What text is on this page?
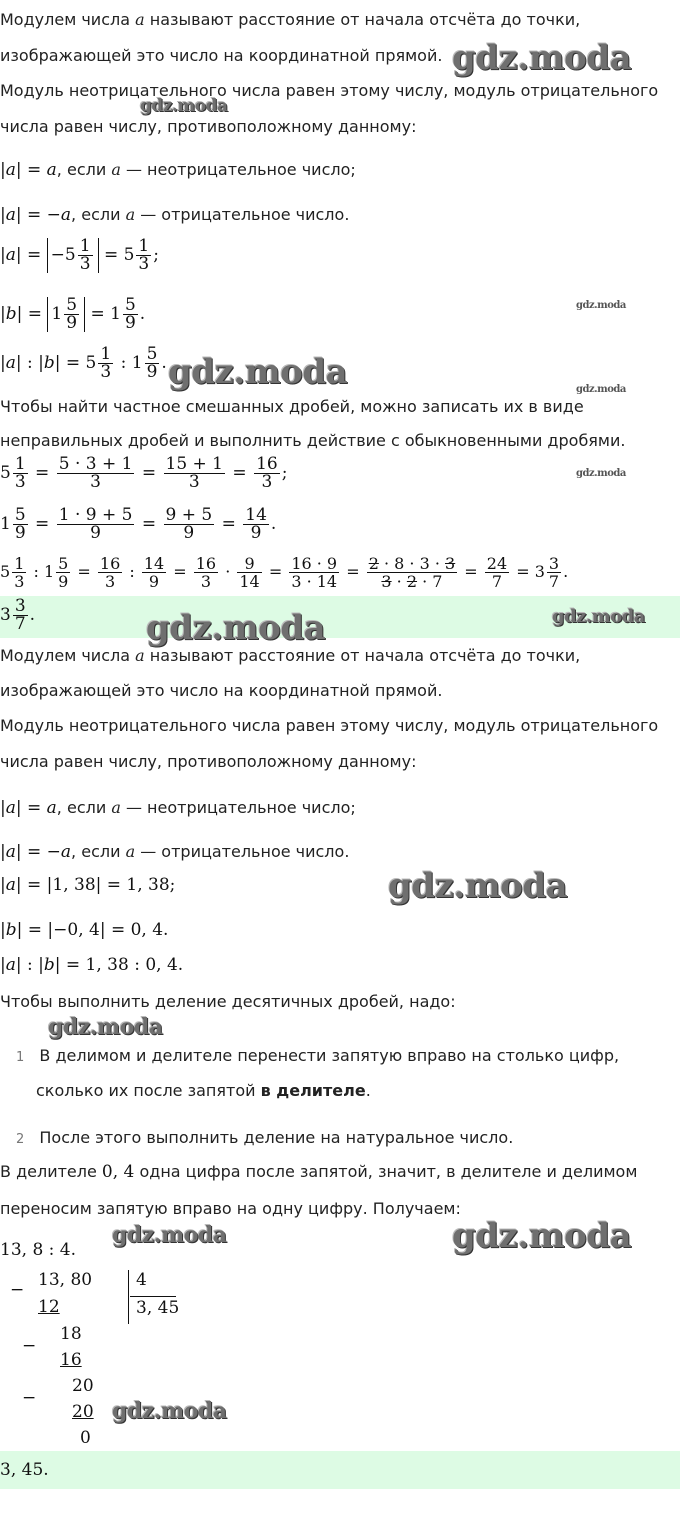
Модулем числа a называют расстояние от начала отсчёта до точки,
изображающей это число на координатной прямой.
Модуль неотрицательного числа равен этому числу, модуль отрицательного
числа равен числу, противоположному данному:
|a| = a, если a — неотрицательное число;
|a| = −a, если a — отрицательное число.
$|a| = -5 \frac{1}{3} = 5 \frac{1}{3}$ ;
$|b| = 1 \frac{5}{9} = 1 \frac{5}{9}$ .
|a| : $|b| = 5 \frac{1}{3}$ : $1 \frac{5}{9}$ .
Чтобы найти частное смешанных дробей, можно записать их в виде
неправильных дробей и выполнить действие с обыкновенными дробями.
$5 \frac{1}{3} = \frac{5 \cdot 3 + 1}{3} = \frac{15 + 1}{3} = \frac{16}{3}$ ;
$1 \frac{5}{9} = \frac{1 \cdot 9 + 5}{9} = \frac{9 + 5}{9} = \frac{14}{9}$ .
$5 \frac{1}{3}$ : $1 \frac{5}{9} = \frac{16}{3}$ : $\frac{14}{9} = \frac{16}{3} \cdot \frac{9}{14} = \frac{16 \cdot 9}{3 \cdot 14} = \frac{2 \cdot 8 \cdot 3 \cdot 3}{3 \cdot 2 \cdot 7} = \frac{24}{7} = 3 \frac{3}{7}$ .
$3 \frac{3}{7}$ .
Модулем числа a называют расстояние от начала отсчёта до точки,
изображающей это число на координатной прямой.
Модуль неотрицательного числа равен этому числу, модуль отрицательного
числа равен числу, противоположному данному:
|a| = a, если a — неотрицательное число;
|a| = −a, если a — отрицательное число.
|a| = |1, 38| = 1, 38;
|b| = |−0, 4| = 0, 4.
|a| : |b| = 1, 38 : 0, 4.
Чтобы выполнить деление десятичных дробей, надо:
1 В делимом и делителе перенести запятую вправо на столько цифр,
сколько их после запятой в делителе.
2 После этого выполнить деление на натуральное число.
В делителе 0, 4 одна цифра после запятой, значит, в делителе и делимом
переносим запятую вправо на одну цифру. Получаем:
13, 8 : 4.
− 13, 80
12
4
3, 45
−
18
16
−
20
20
0
3, 45.
gdz.moda
gdz.moda
gdz.moda
gdz.moda	gdz.moda
gdz.moda
gdz.moda	gdz.moda
gdz.moda
gdz.moda
gdz.moda	gdz.moda
gdz.moda
